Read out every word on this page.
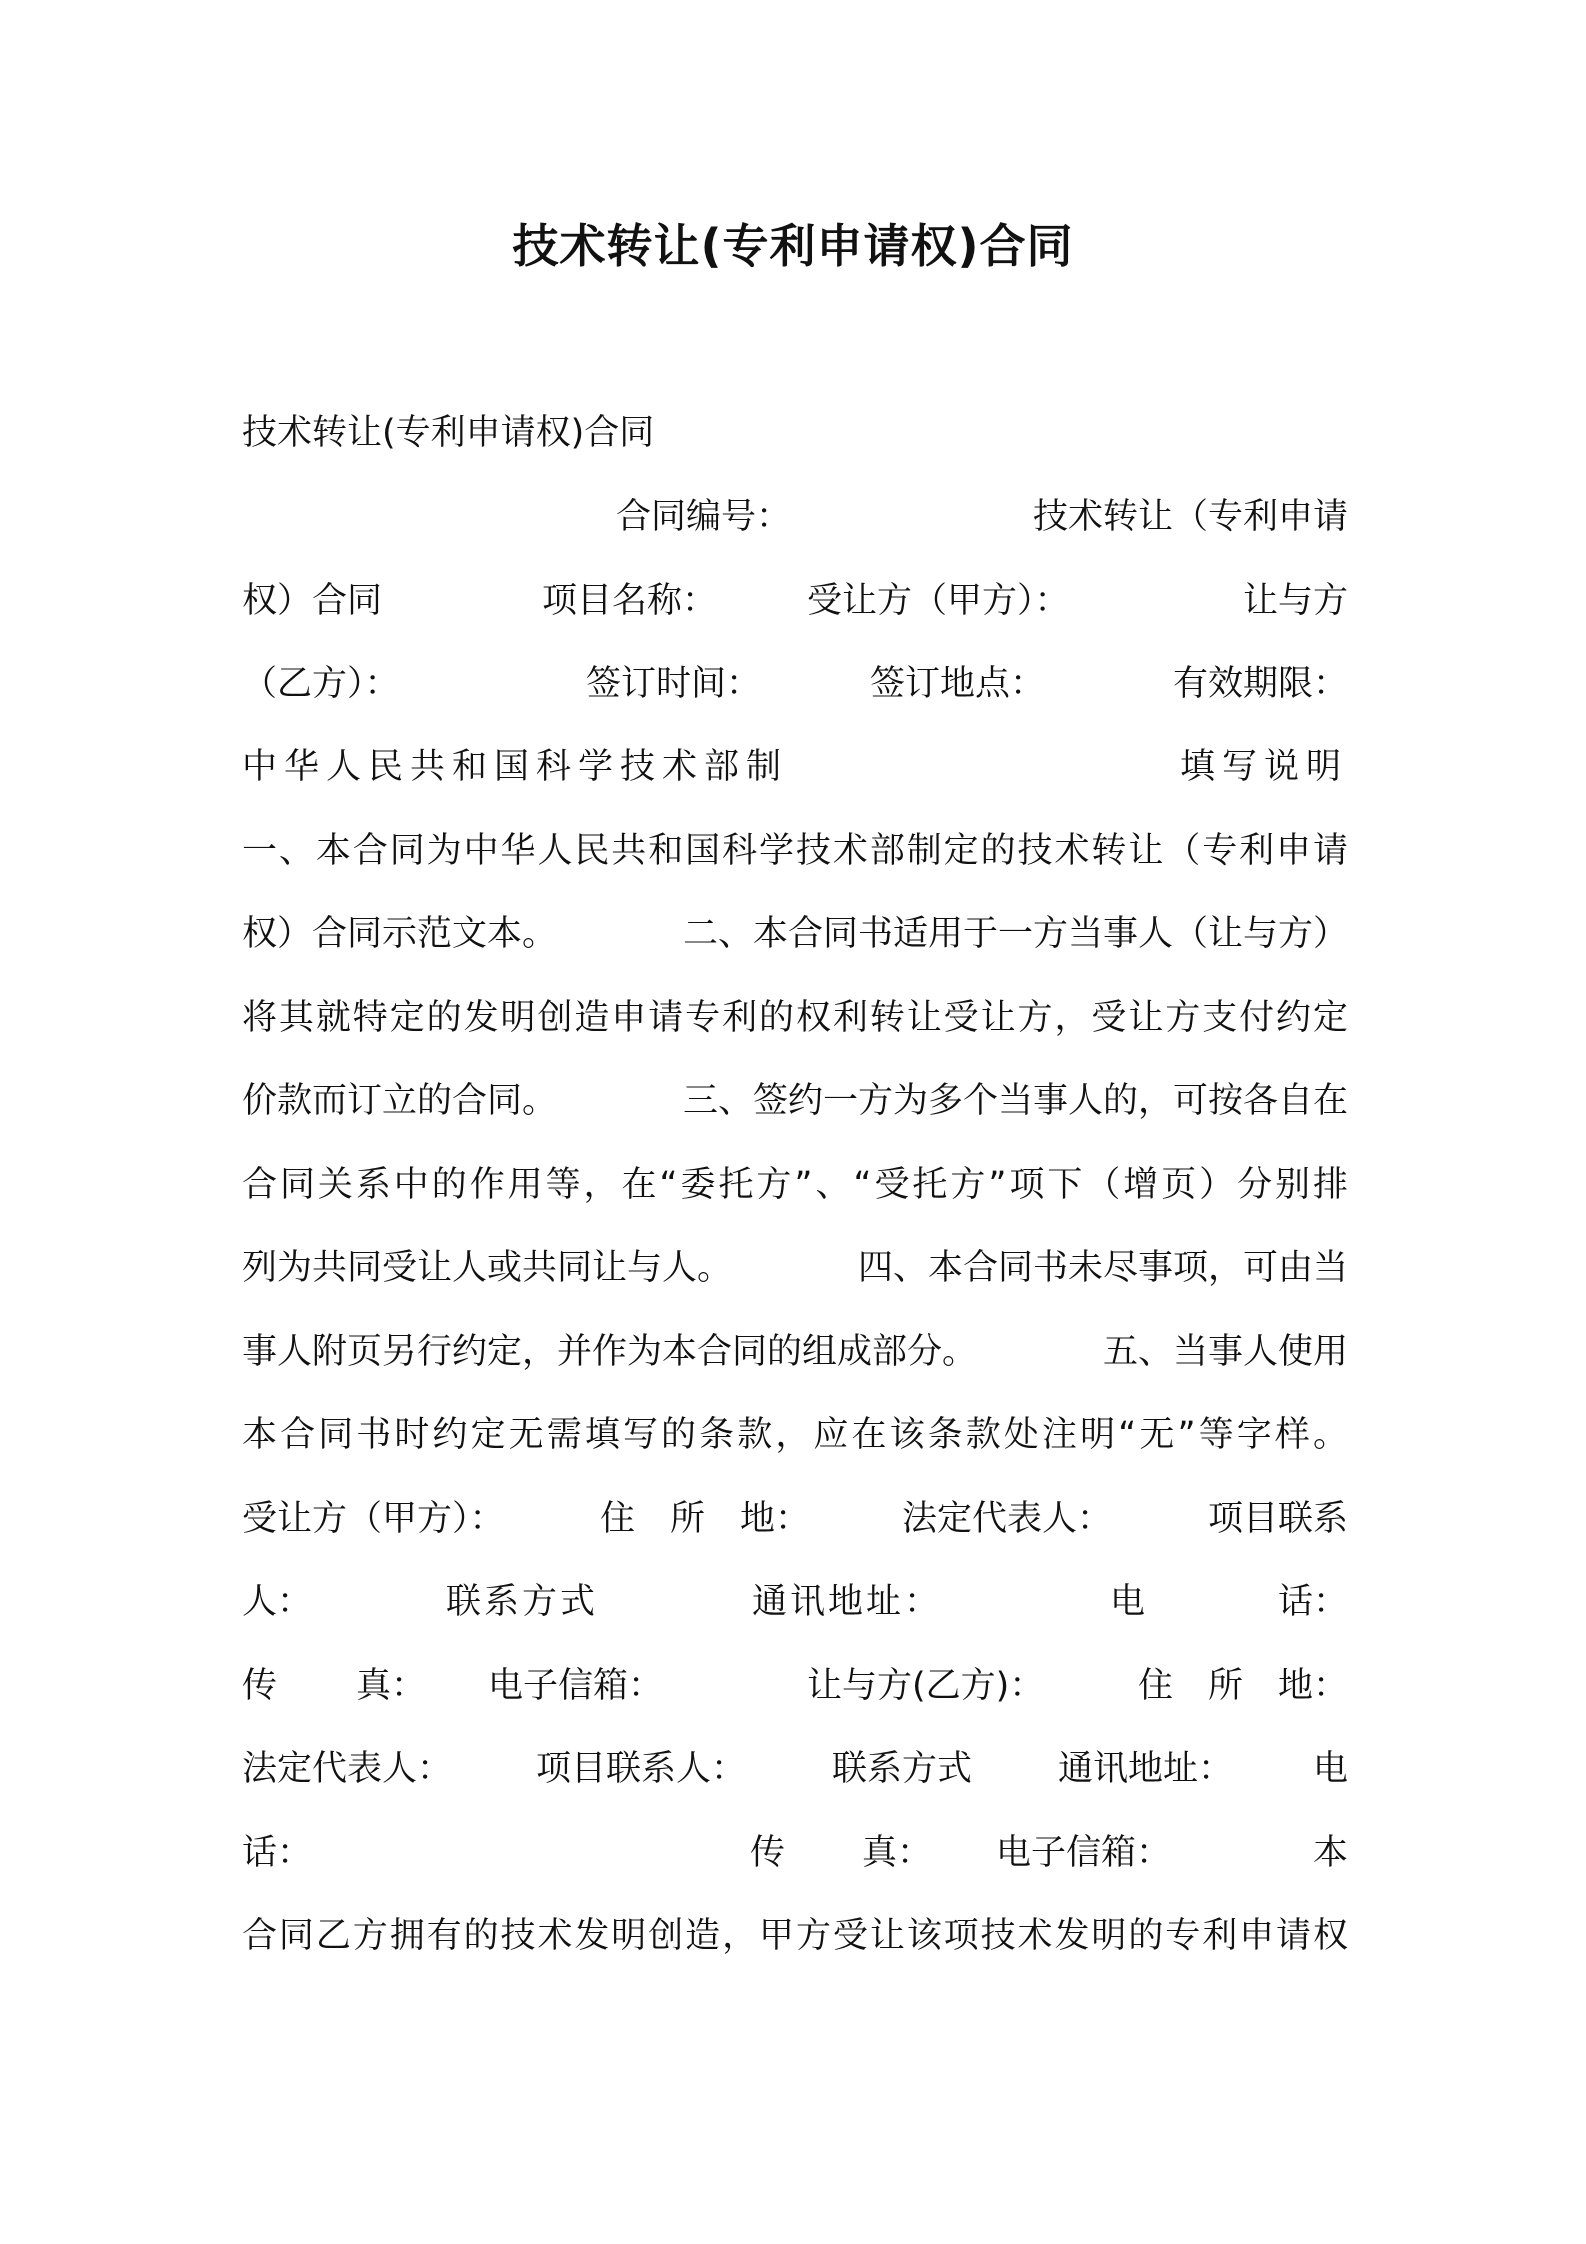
技术转让(专利申请权)合同
技术转让(专利申请权)合同
合同编号：	技术转让（专利申请
权）合同	项目名称：	受让方（甲方）：	让与方
（乙方）：	签订时间：	签订地点：	有效期限：
中华人民共和国科学技术部制	填写说明
一、本合同为中华人民共和国科学技术部制定的技术转让（专利申请
权）合同示范文本。	二、本合同书适用于一方当事人（让与方）
将其就特定的发明创造申请专利的权利转让受让方，受让方支付约定
价款而订立的合同。	三、签约一方为多个当事人的，可按各自在
合同关系中的作用等，在“委托方”、“受托方”项下（增页）分别排
列为共同受让人或共同让与人。	四、本合同书未尽事项，可由当
事人附页另行约定，并作为本合同的组成部分。	五、当事人使用
本合同书时约定无需填写的条款，应在该条款处注明“无”等字样。
受让方（甲方）：	住　所　地：	法定代表人：	项目联系
人：	联系方式	通讯地址：	电	话：
传 真： 电子信箱：	让与方(乙方)：	住　所　地：
法定代表人： 项目联系人： 联系方式 通讯地址： 电
话：	传 真： 电子信箱：	本
合同乙方拥有的技术发明创造，甲方受让该项技术发明的专利申请权
